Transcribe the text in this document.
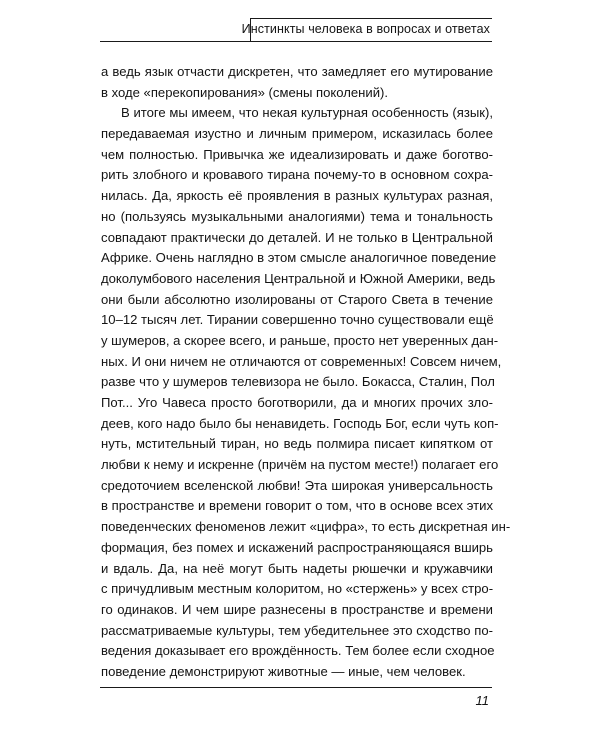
Инстинкты человека в вопросах и ответах
а ведь язык отчасти дискретен, что замедляет его мутирование
в ходе «перекопирования» (смены поколений).
В итоге мы имеем, что некая культурная особенность (язык),
передаваемая изустно и личным примером, исказилась более
чем полностью. Привычка же идеализировать и даже боготво-
рить злобного и кровавого тирана почему-то в основном сохра-
нилась. Да, яркость её проявления в разных культурах разная,
но (пользуясь музыкальными аналогиями) тема и тональность
совпадают практически до деталей. И не только в Центральной
Африке. Очень наглядно в этом смысле аналогичное поведение
доколумбового населения Центральной и Южной Америки, ведь
они были абсолютно изолированы от Старого Света в течение
10–12 тысяч лет. Тирании совершенно точно существовали ещё
у шумеров, а скорее всего, и раньше, просто нет уверенных дан-
ных. И они ничем не отличаются от современных! Совсем ничем,
разве что у шумеров телевизора не было. Бокасса, Сталин, Пол
Пот... Уго Чавеса просто боготворили, да и многих прочих зло-
деев, кого надо было бы ненавидеть. Господь Бог, если чуть коп-
нуть, мстительный тиран, но ведь полмира писает кипятком от
любви к нему и искренне (причём на пустом месте!) полагает его
средоточием вселенской любви! Эта широкая универсальность
в пространстве и времени говорит о том, что в основе всех этих
поведенческих феноменов лежит «цифра», то есть дискретная ин-
формация, без помех и искажений распространяющаяся вширь
и вдаль. Да, на неё могут быть надеты рюшечки и кружавчики
с причудливым местным колоритом, но «стержень» у всех стро-
го одинаков. И чем шире разнесены в пространстве и времени
рассматриваемые культуры, тем убедительнее это сходство по-
ведения доказывает его врождённость. Тем более если сходное
поведение демонстрируют животные — иные, чем человек.
11
